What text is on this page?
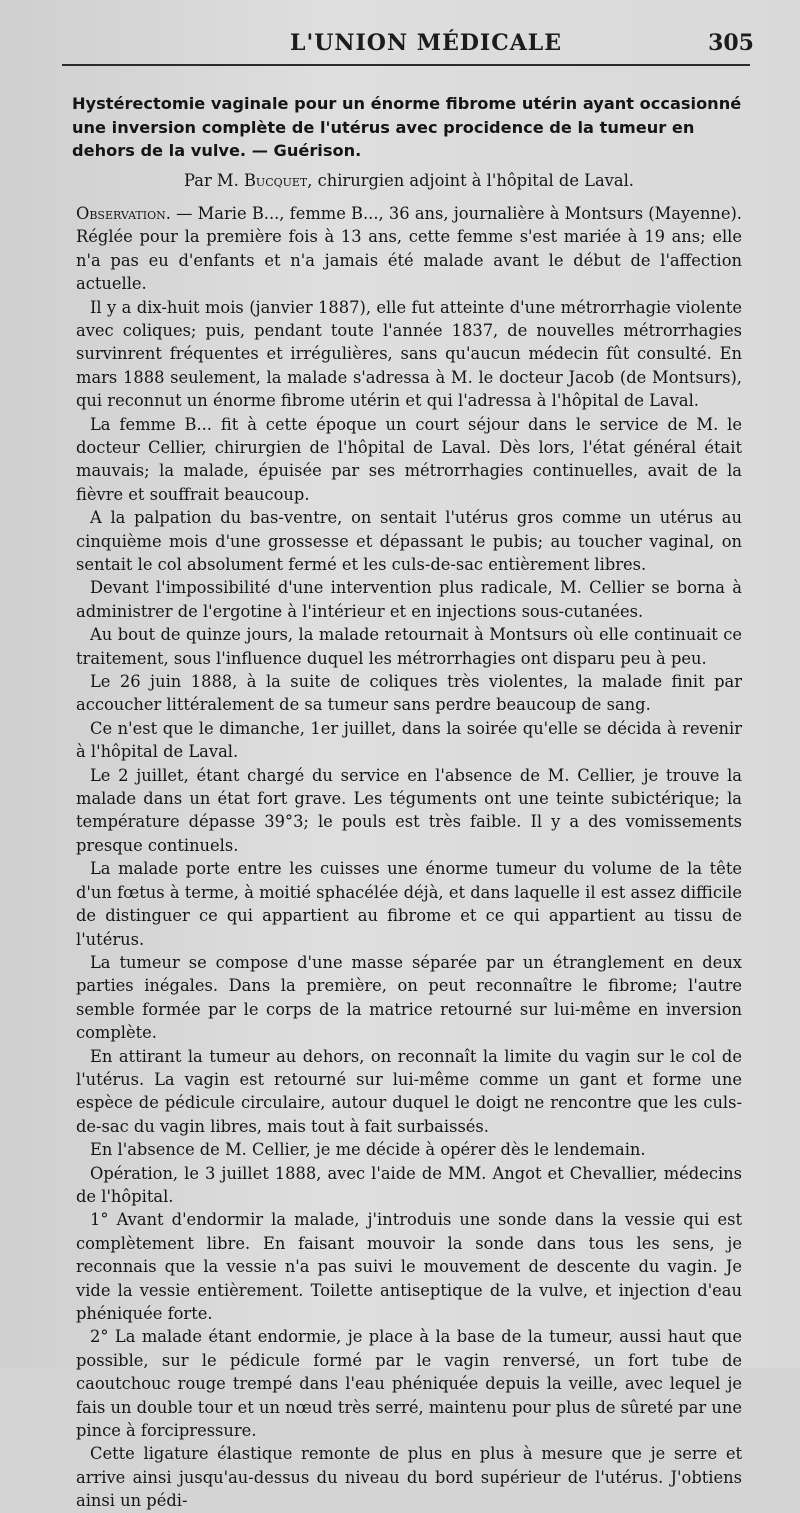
L'UNION MÉDICALE	305
Hystérectomie vaginale pour un énorme fibrome utérin ayant occasionné une inversion complète de l'utérus avec procidence de la tumeur en dehors de la vulve. — Guérison.
Par M. Bucquet, chirurgien adjoint à l'hôpital de Laval.

Observation. — Marie B..., femme B..., 36 ans, journalière à Montsurs (Mayenne). Réglée pour la première fois à 13 ans, cette femme s'est mariée à 19 ans; elle n'a pas eu d'enfants et n'a jamais été malade avant le début de l'affection actuelle.

Il y a dix-huit mois (janvier 1887), elle fut atteinte d'une métrorrhagie violente avec coliques; puis, pendant toute l'année 1837, de nouvelles métrorrhagies survinrent fréquentes et irrégulières, sans qu'aucun médecin fût consulté. En mars 1888 seulement, la malade s'adressa à M. le docteur Jacob (de Montsurs), qui reconnut un énorme fibrome utérin et qui l'adressa à l'hôpital de Laval.

La femme B... fit à cette époque un court séjour dans le service de M. le docteur Cellier, chirurgien de l'hôpital de Laval. Dès lors, l'état général était mauvais; la malade, épuisée par ses métrorrhagies continuelles, avait de la fièvre et souffrait beaucoup.

A la palpation du bas-ventre, on sentait l'utérus gros comme un utérus au cinquième mois d'une grossesse et dépassant le pubis; au toucher vaginal, on sentait le col absolument fermé et les culs-de-sac entièrement libres.

Devant l'impossibilité d'une intervention plus radicale, M. Cellier se borna à administrer de l'ergotine à l'intérieur et en injections sous-cutanées.

Au bout de quinze jours, la malade retournait à Montsurs où elle continuait ce traitement, sous l'influence duquel les métrorrhagies ont disparu peu à peu.

Le 26 juin 1888, à la suite de coliques très violentes, la malade finit par accoucher littéralement de sa tumeur sans perdre beaucoup de sang.

Ce n'est que le dimanche, 1er juillet, dans la soirée qu'elle se décida à revenir à l'hôpital de Laval.

Le 2 juillet, étant chargé du service en l'absence de M. Cellier, je trouve la malade dans un état fort grave. Les téguments ont une teinte subictérique; la température dépasse 39°3; le pouls est très faible. Il y a des vomissements presque continuels.

La malade porte entre les cuisses une énorme tumeur du volume de la tête d'un fœtus à terme, à moitié sphacélée déjà, et dans laquelle il est assez difficile de distinguer ce qui appartient au fibrome et ce qui appartient au tissu de l'utérus.

La tumeur se compose d'une masse séparée par un étranglement en deux parties inégales. Dans la première, on peut reconnaître le fibrome; l'autre semble formée par le corps de la matrice retourné sur lui-même en inversion complète.

En attirant la tumeur au dehors, on reconnaît la limite du vagin sur le col de l'utérus. La vagin est retourné sur lui-même comme un gant et forme une espèce de pédicule circulaire, autour duquel le doigt ne rencontre que les culs-de-sac du vagin libres, mais tout à fait surbaissés.

En l'absence de M. Cellier, je me décide à opérer dès le lendemain.

Opération, le 3 juillet 1888, avec l'aide de MM. Angot et Chevallier, médecins de l'hôpital.

1° Avant d'endormir la malade, j'introduis une sonde dans la vessie qui est complètement libre. En faisant mouvoir la sonde dans tous les sens, je reconnais que la vessie n'a pas suivi le mouvement de descente du vagin. Je vide la vessie entièrement. Toilette antiseptique de la vulve, et injection d'eau phéniquée forte.

2° La malade étant endormie, je place à la base de la tumeur, aussi haut que possible, sur le pédicule formé par le vagin renversé, un fort tube de caoutchouc rouge trempé dans l'eau phéniquée depuis la veille, avec lequel je fais un double tour et un nœud très serré, maintenu pour plus de sûreté par une pince à forcipressure.

Cette ligature élastique remonte de plus en plus à mesure que je serre et arrive ainsi jusqu'au-dessus du niveau du bord supérieur de l'utérus. J'obtiens ainsi un pédi-
